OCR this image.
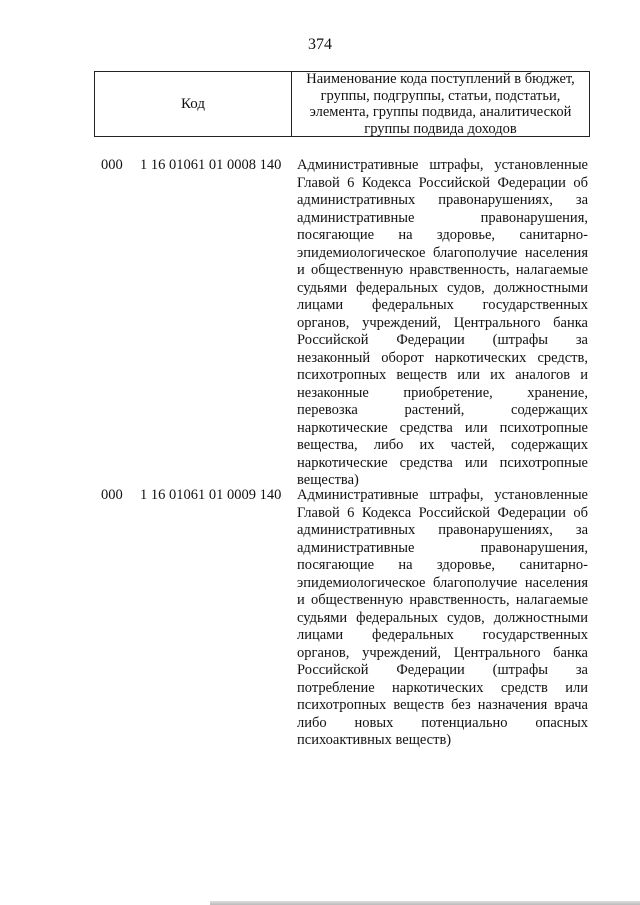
374
Код
Наименование кода поступлений в бюджет, группы, подгруппы, статьи, подстатьи, элемента, группы подвида, аналитической группы подвида доходов
000 1 16 01061 01 0008 140 Административные штрафы, установленные Главой 6 Кодекса Российской Федерации об административных правонарушениях, за административные правонарушения, посягающие на здоровье, санитарно-эпидемиологическое благополучие населения и общественную нравственность, налагаемые судьями федеральных судов, должностными лицами федеральных государственных органов, учреждений, Центрального банка Российской Федерации (штрафы за незаконный оборот наркотических средств, психотропных веществ или их аналогов и незаконные приобретение, хранение, перевозка растений, содержащих наркотические средства или психотропные вещества, либо их частей, содержащих наркотические средства или психотропные вещества)
000 1 16 01061 01 0009 140 Административные штрафы, установленные Главой 6 Кодекса Российской Федерации об административных правонарушениях, за административные правонарушения, посягающие на здоровье, санитарно-эпидемиологическое благополучие населения и общественную нравственность, налагаемые судьями федеральных судов, должностными лицами федеральных государственных органов, учреждений, Центрального банка Российской Федерации (штрафы за потребление наркотических средств или психотропных веществ без назначения врача либо новых потенциально опасных психоактивных веществ)
